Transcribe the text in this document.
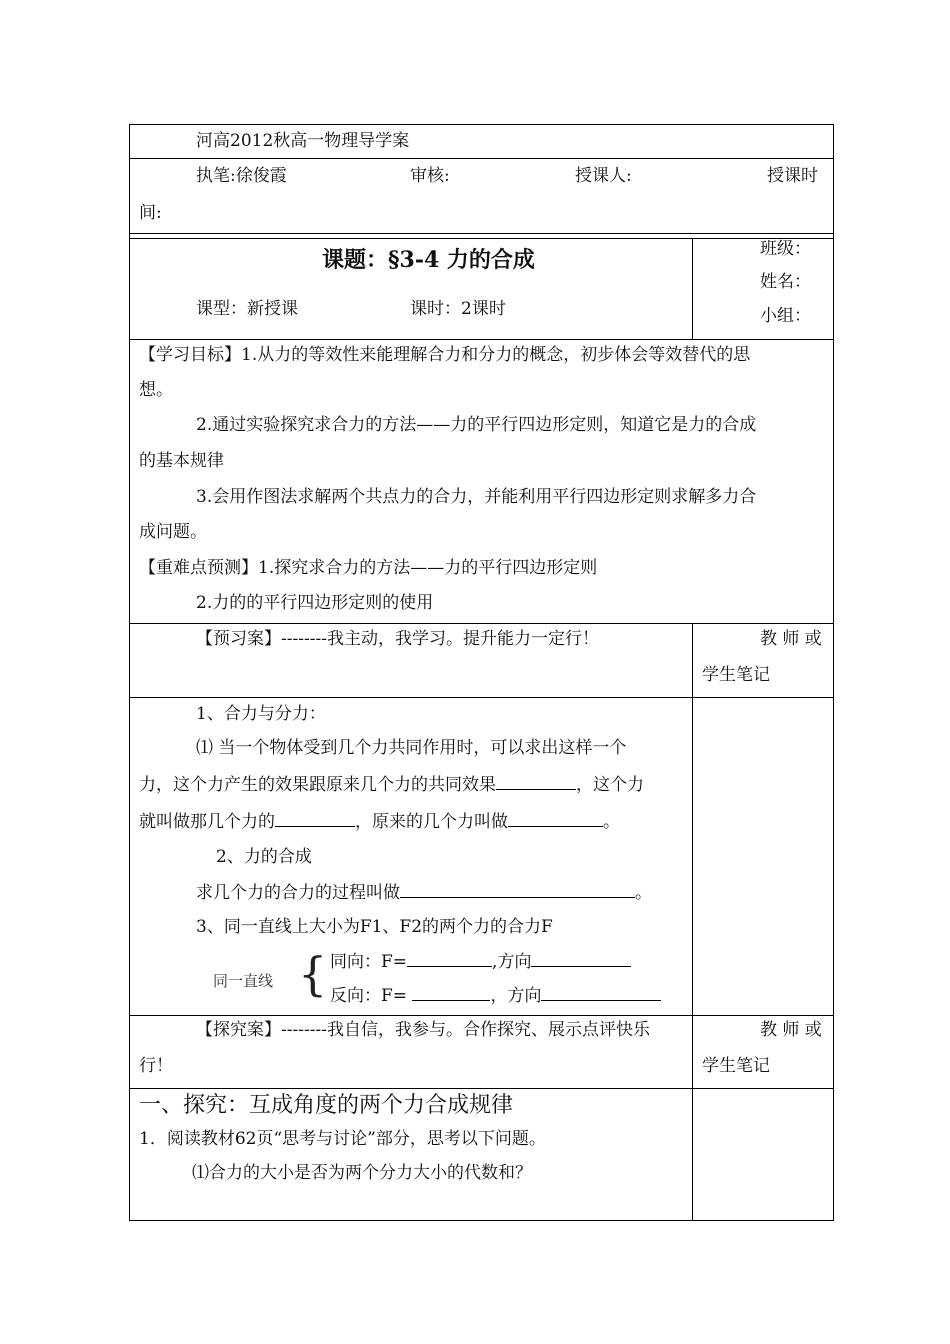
河高2012秋高一物理导学案
执笔:徐俊霞	审核:	授课人:	授课时
间:
课题：§3-4 力的合成
课型：新授课	课时：2课时
班级：
姓名：
小组：
【学习目标】1.从力的等效性来能理解合力和分力的概念，初步体会等效替代的思
想。
2.通过实验探究求合力的方法——力的平行四边形定则，知道它是力的合成
的基本规律
3.会用作图法求解两个共点力的合力，并能利用平行四边形定则求解多力合
成问题。
【重难点预测】1.探究求合力的方法——力的平行四边形定则
2.力的的平行四边形定则的使用
【预习案】--------我主动，我学习。提升能力一定行！	教 师 或
学生笔记
1、合力与分力：
⑴ 当一个物体受到几个力共同作用时，可以求出这样一个
力，这个力产生的效果跟原来几个力的共同效果	，这个力
就叫做那几个力的	，原来的几个力叫做	。
2、力的合成
求几个力的合力的过程叫做	。
3、同一直线上大小为F1、F2的两个力的合力F
同一直线 { 同向：F=	,方向
反向：F=	，方向
【探究案】--------我自信，我参与。合作探究、展示点评快乐
行！
教 师 或
学生笔记
一、探究：互成角度的两个力合成规律
1．阅读教材62页“思考与讨论”部分，思考以下问题。
⑴合力的大小是否为两个分力大小的代数和？
